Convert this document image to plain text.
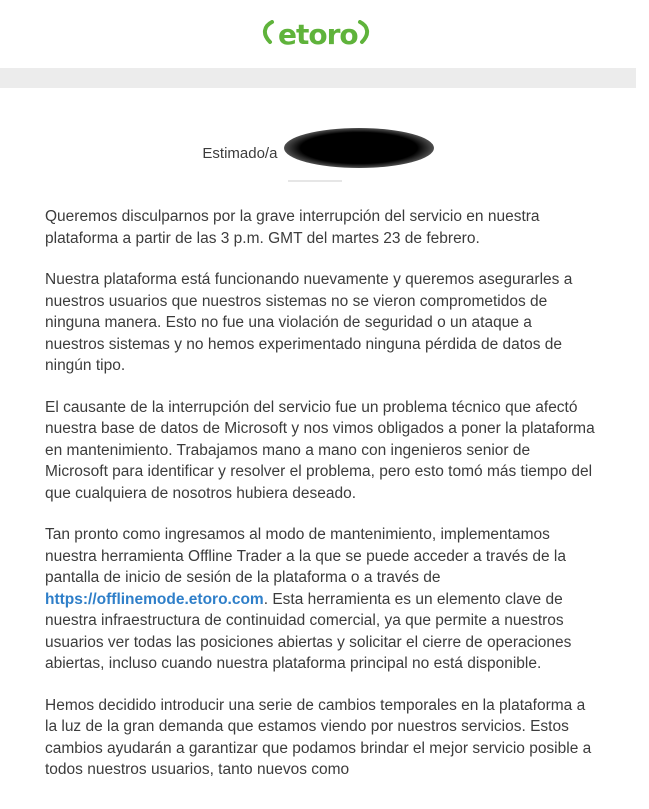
etoro
Estimado/a

Queremos disculparnos por la grave interrupción del servicio en nuestra plataforma a partir de las 3 p.m. GMT del martes 23 de febrero.

Nuestra plataforma está funcionando nuevamente y queremos asegurarles a nuestros usuarios que nuestros sistemas no se vieron comprometidos de ninguna manera. Esto no fue una violación de seguridad o un ataque a nuestros sistemas y no hemos experimentado ninguna pérdida de datos de ningún tipo.

El causante de la interrupción del servicio fue un problema técnico que afectó nuestra base de datos de Microsoft y nos vimos obligados a poner la plataforma en mantenimiento. Trabajamos mano a mano con ingenieros senior de Microsoft para identificar y resolver el problema, pero esto tomó más tiempo del que cualquiera de nosotros hubiera deseado.

Tan pronto como ingresamos al modo de mantenimiento, implementamos nuestra herramienta Offline Trader a la que se puede acceder a través de la pantalla de inicio de sesión de la plataforma o a través de https://offlinemode.etoro.com. Esta herramienta es un elemento clave de nuestra infraestructura de continuidad comercial, ya que permite a nuestros usuarios ver todas las posiciones abiertas y solicitar el cierre de operaciones abiertas, incluso cuando nuestra plataforma principal no está disponible.

Hemos decidido introducir una serie de cambios temporales en la plataforma a la luz de la gran demanda que estamos viendo por nuestros servicios. Estos cambios ayudarán a garantizar que podamos brindar el mejor servicio posible a todos nuestros usuarios, tanto nuevos como
